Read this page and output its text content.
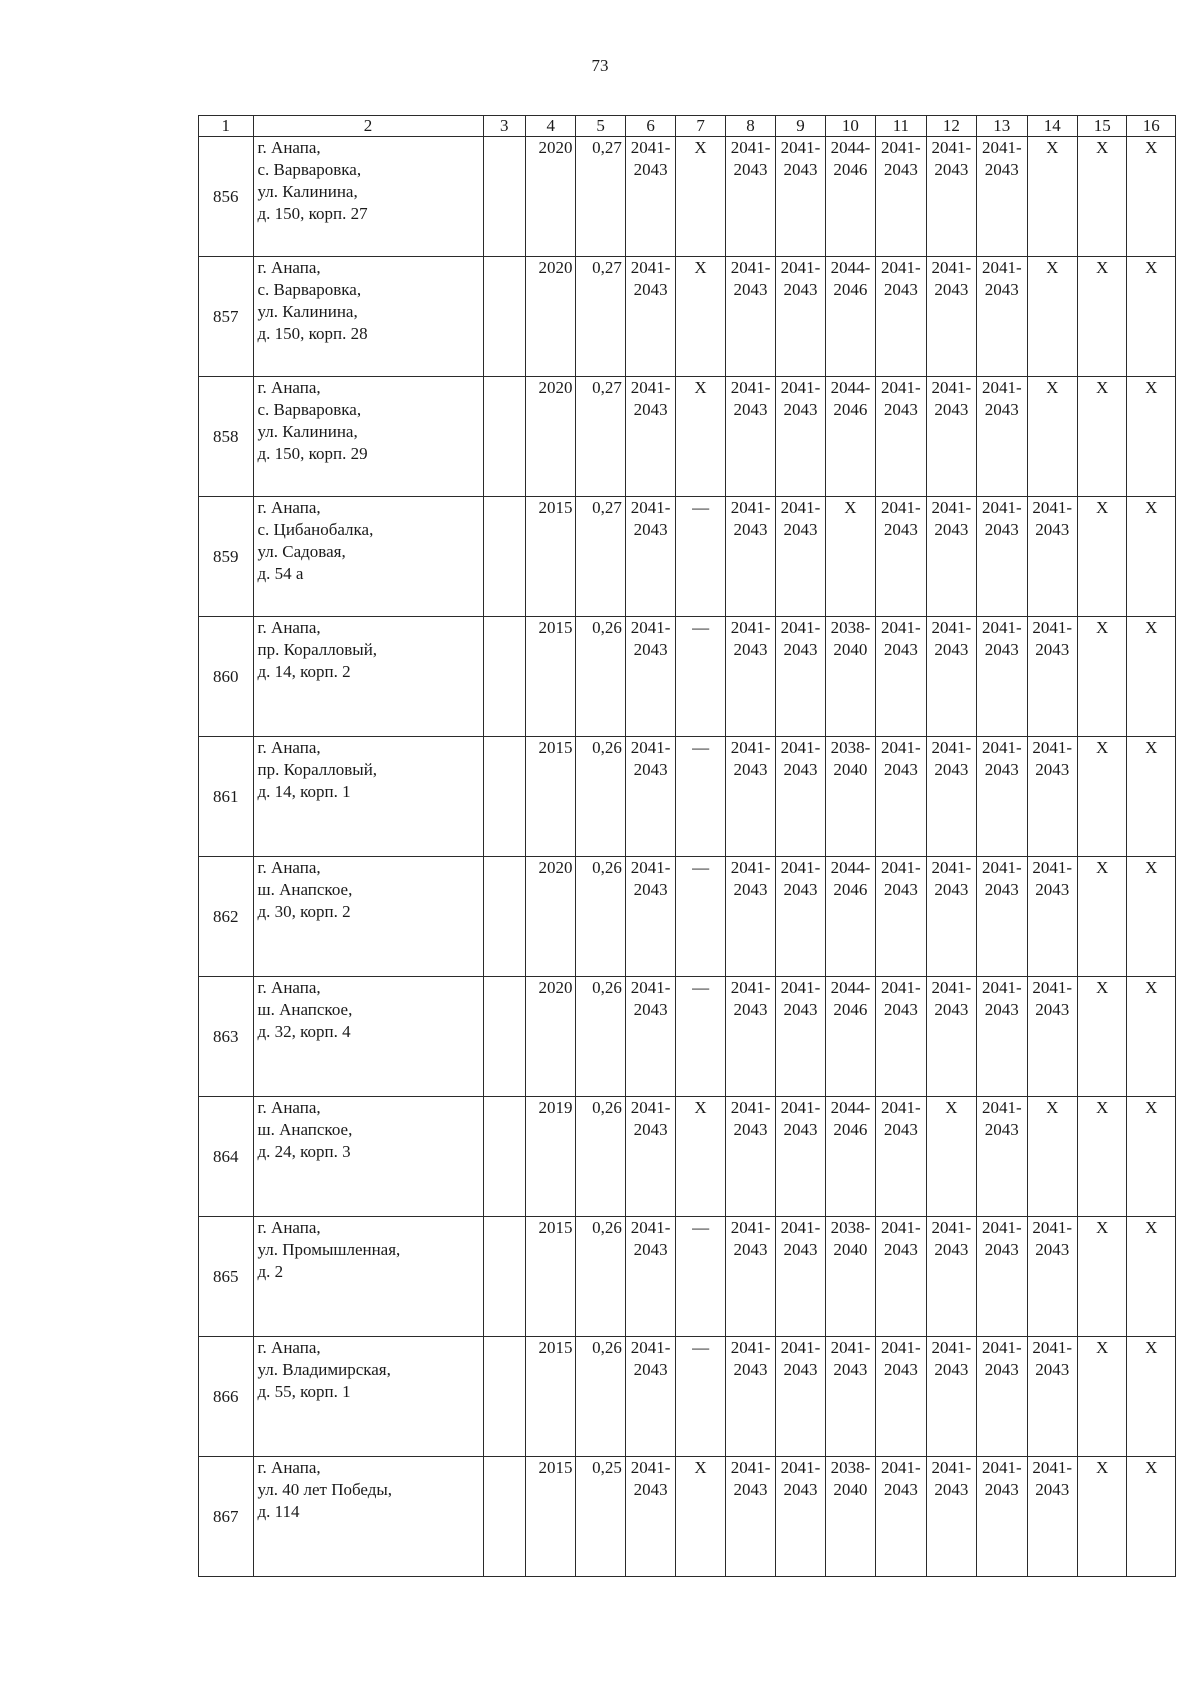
73
1	2	3	4	5	6	7	8	9	10	11	12	13	14	15	16
856	г. Анапа,
с. Варваровка,
ул. Калинина,
д. 150, корп. 27		2020	0,27	2041-
2043	X	2041-
2043	2041-
2043	2044-
2046	2041-
2043	2041-
2043	2041-
2043	X	X	X

857	г. Анапа,
с. Варваровка,
ул. Калинина,
д. 150, корп. 28		2020	0,27	2041-
2043	X	2041-
2043	2041-
2043	2044-
2046	2041-
2043	2041-
2043	2041-
2043	X	X	X

858	г. Анапа,
с. Варваровка,
ул. Калинина,
д. 150, корп. 29		2020	0,27	2041-
2043	X	2041-
2043	2041-
2043	2044-
2046	2041-
2043	2041-
2043	2041-
2043	X	X	X

859	г. Анапа,
с. Цибанобалка,
ул. Садовая,
д. 54 а		2015	0,27	2041-
2043	—	2041-
2043	2041-
2043	X	2041-
2043	2041-
2043	2041-
2043	2041-
2043	X	X

860	г. Анапа,
пр. Коралловый,
д. 14, корп. 2		2015	0,26	2041-
2043	—	2041-
2043	2041-
2043	2038-
2040	2041-
2043	2041-
2043	2041-
2043	2041-
2043	X	X

861	г. Анапа,
пр. Коралловый,
д. 14, корп. 1		2015	0,26	2041-
2043	—	2041-
2043	2041-
2043	2038-
2040	2041-
2043	2041-
2043	2041-
2043	2041-
2043	X	X

862	г. Анапа,
ш. Анапское,
д. 30, корп. 2		2020	0,26	2041-
2043	—	2041-
2043	2041-
2043	2044-
2046	2041-
2043	2041-
2043	2041-
2043	2041-
2043	X	X

863	г. Анапа,
ш. Анапское,
д. 32, корп. 4		2020	0,26	2041-
2043	—	2041-
2043	2041-
2043	2044-
2046	2041-
2043	2041-
2043	2041-
2043	2041-
2043	X	X

864	г. Анапа,
ш. Анапское,
д. 24, корп. 3		2019	0,26	2041-
2043	X	2041-
2043	2041-
2043	2044-
2046	2041-
2043	X	2041-
2043	X	X	X

865	г. Анапа,
ул. Промышленная,
д. 2		2015	0,26	2041-
2043	—	2041-
2043	2041-
2043	2038-
2040	2041-
2043	2041-
2043	2041-
2043	2041-
2043	X	X

866	г. Анапа,
ул. Владимирская,
д. 55, корп. 1		2015	0,26	2041-
2043	—	2041-
2043	2041-
2043	2041-
2043	2041-
2043	2041-
2043	2041-
2043	2041-
2043	X	X

867	г. Анапа,
ул. 40 лет Победы,
д. 114		2015	0,25	2041-
2043	X	2041-
2043	2041-
2043	2038-
2040	2041-
2043	2041-
2043	2041-
2043	2041-
2043	X	X
